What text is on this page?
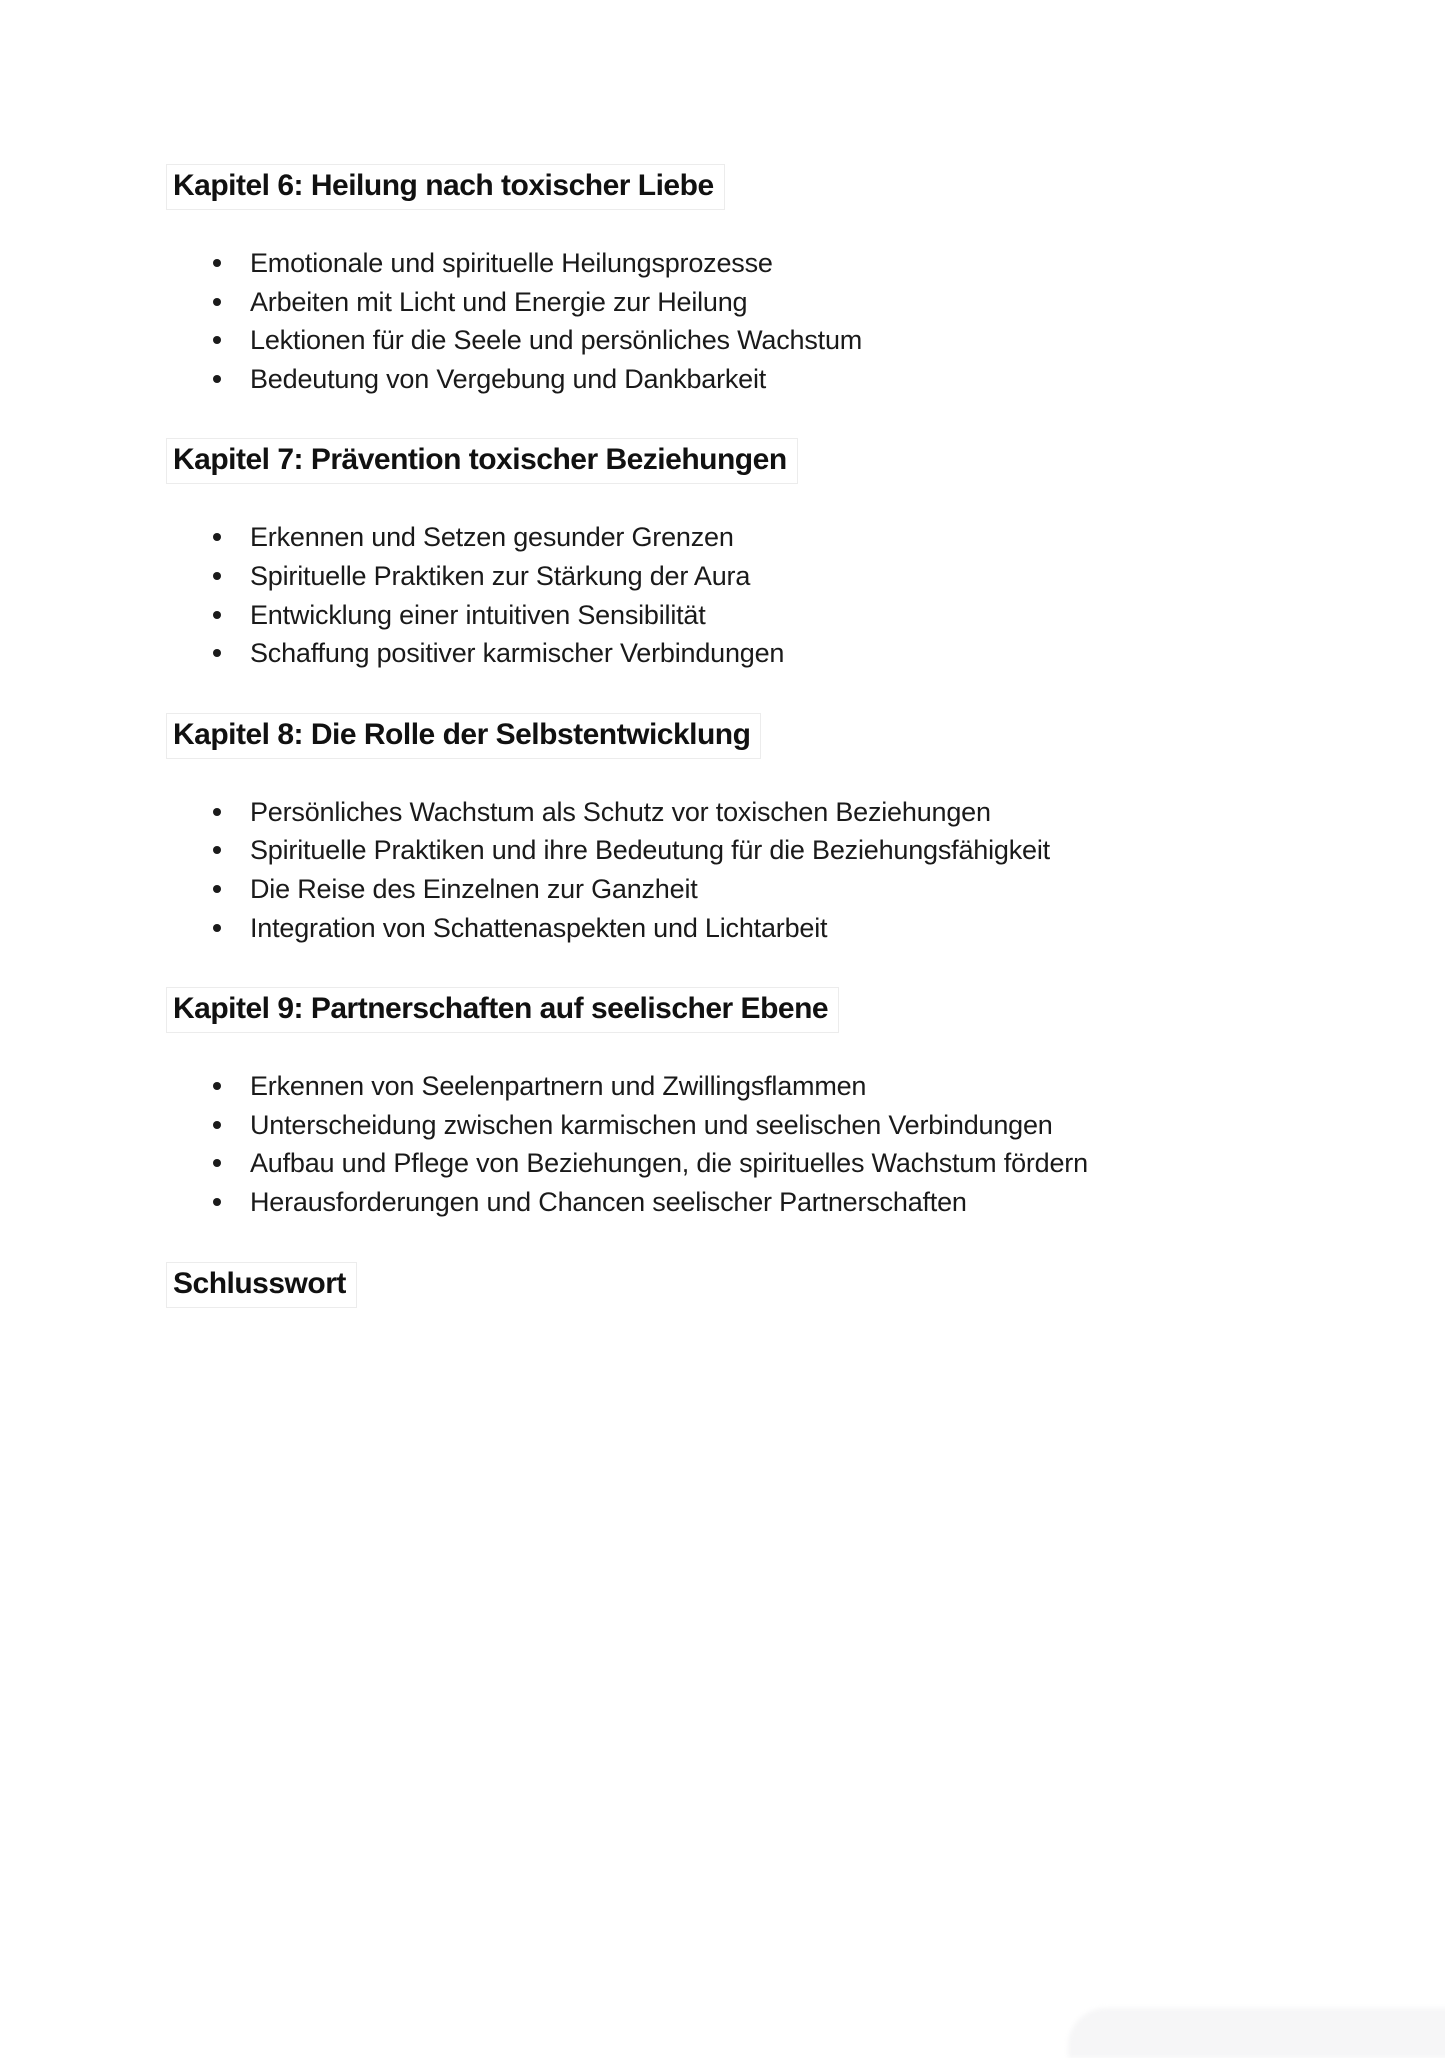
Kapitel 6: Heilung nach toxischer Liebe
Emotionale und spirituelle Heilungsprozesse
Arbeiten mit Licht und Energie zur Heilung
Lektionen für die Seele und persönliches Wachstum
Bedeutung von Vergebung und Dankbarkeit
Kapitel 7: Prävention toxischer Beziehungen
Erkennen und Setzen gesunder Grenzen
Spirituelle Praktiken zur Stärkung der Aura
Entwicklung einer intuitiven Sensibilität
Schaffung positiver karmischer Verbindungen
Kapitel 8: Die Rolle der Selbstentwicklung
Persönliches Wachstum als Schutz vor toxischen Beziehungen
Spirituelle Praktiken und ihre Bedeutung für die Beziehungsfähigkeit
Die Reise des Einzelnen zur Ganzheit
Integration von Schattenaspekten und Lichtarbeit
Kapitel 9: Partnerschaften auf seelischer Ebene
Erkennen von Seelenpartnern und Zwillingsflammen
Unterscheidung zwischen karmischen und seelischen Verbindungen
Aufbau und Pflege von Beziehungen, die spirituelles Wachstum fördern
Herausforderungen und Chancen seelischer Partnerschaften
Schlusswort
